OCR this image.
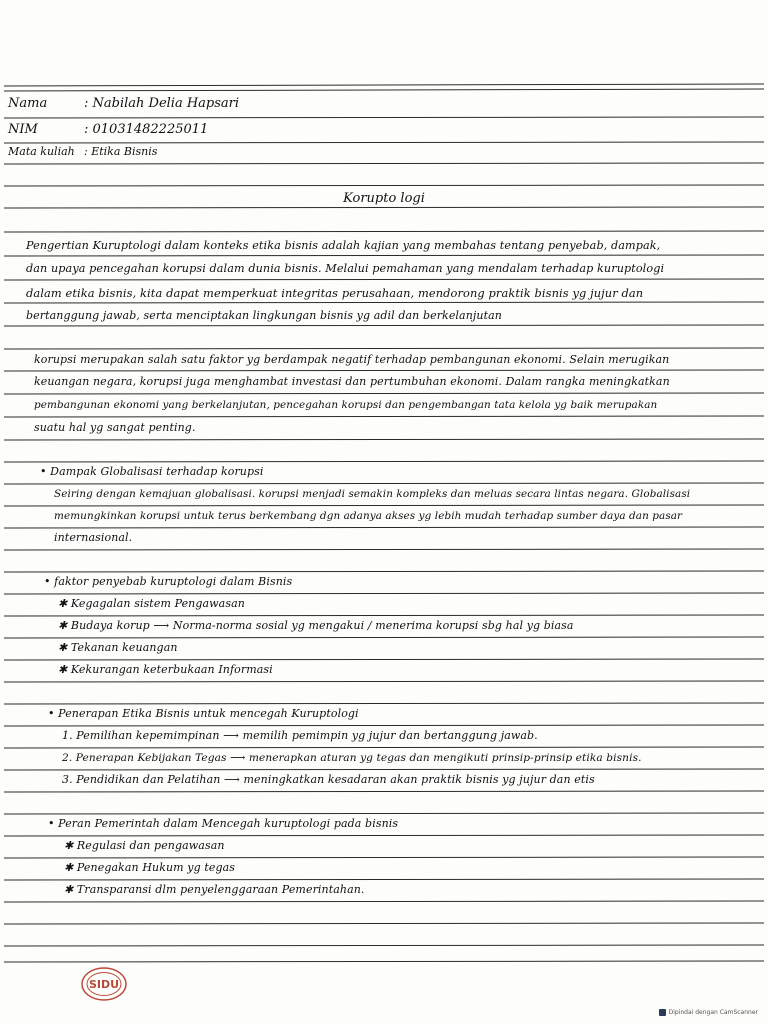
Nama	: Nabilah Delia Hapsari
NIM	: 01031482225011
Mata kuliah : Etika Bisnis
Korupto logi
Pengertian Kuruptologi dalam konteks etika bisnis adalah kajian yang membahas tentang penyebab, dampak,
dan upaya pencegahan korupsi dalam dunia bisnis. Melalui pemahaman yang mendalam terhadap kuruptologi
dalam etika bisnis, kita dapat memperkuat integritas perusahaan, mendorong praktik bisnis yg jujur dan
bertanggung jawab, serta menciptakan lingkungan bisnis yg adil dan berkelanjutan
korupsi merupakan salah satu faktor yg berdampak negatif terhadap pembangunan ekonomi. Selain merugikan
keuangan negara, korupsi juga menghambat investasi dan pertumbuhan ekonomi. Dalam rangka meningkatkan
pembangunan ekonomi yang berkelanjutan, pencegahan korupsi dan pengembangan tata kelola yg baik merupakan
suatu hal yg sangat penting.
• Dampak Globalisasi terhadap korupsi
Seiring dengan kemajuan globalisasi. korupsi menjadi semakin kompleks dan meluas secara lintas negara. Globalisasi
memungkinkan korupsi untuk terus berkembang dgn adanya akses yg lebih mudah terhadap sumber daya dan pasar
internasional.
• faktor penyebab kuruptologi dalam Bisnis
✱ Kegagalan sistem Pengawasan
✱ Budaya korup ⟶ Norma-norma sosial yg mengakui / menerima korupsi sbg hal yg biasa
✱ Tekanan keuangan
✱ Kekurangan keterbukaan Informasi
• Penerapan Etika Bisnis untuk mencegah Kuruptologi
1. Pemilihan kepemimpinan ⟶ memilih pemimpin yg jujur dan bertanggung jawab.
2. Penerapan Kebijakan Tegas ⟶ menerapkan aturan yg tegas dan mengikuti prinsip-prinsip etika bisnis.
3. Pendidikan dan Pelatihan ⟶ meningkatkan kesadaran akan praktik bisnis yg jujur dan etis
• Peran Pemerintah dalam Mencegah kuruptologi pada bisnis
✱ Regulasi dan pengawasan
✱ Penegakan Hukum yg tegas
✱ Transparansi dlm penyelenggaraan Pemerintahan.
SIDU
Dipindai dengan CamScanner
